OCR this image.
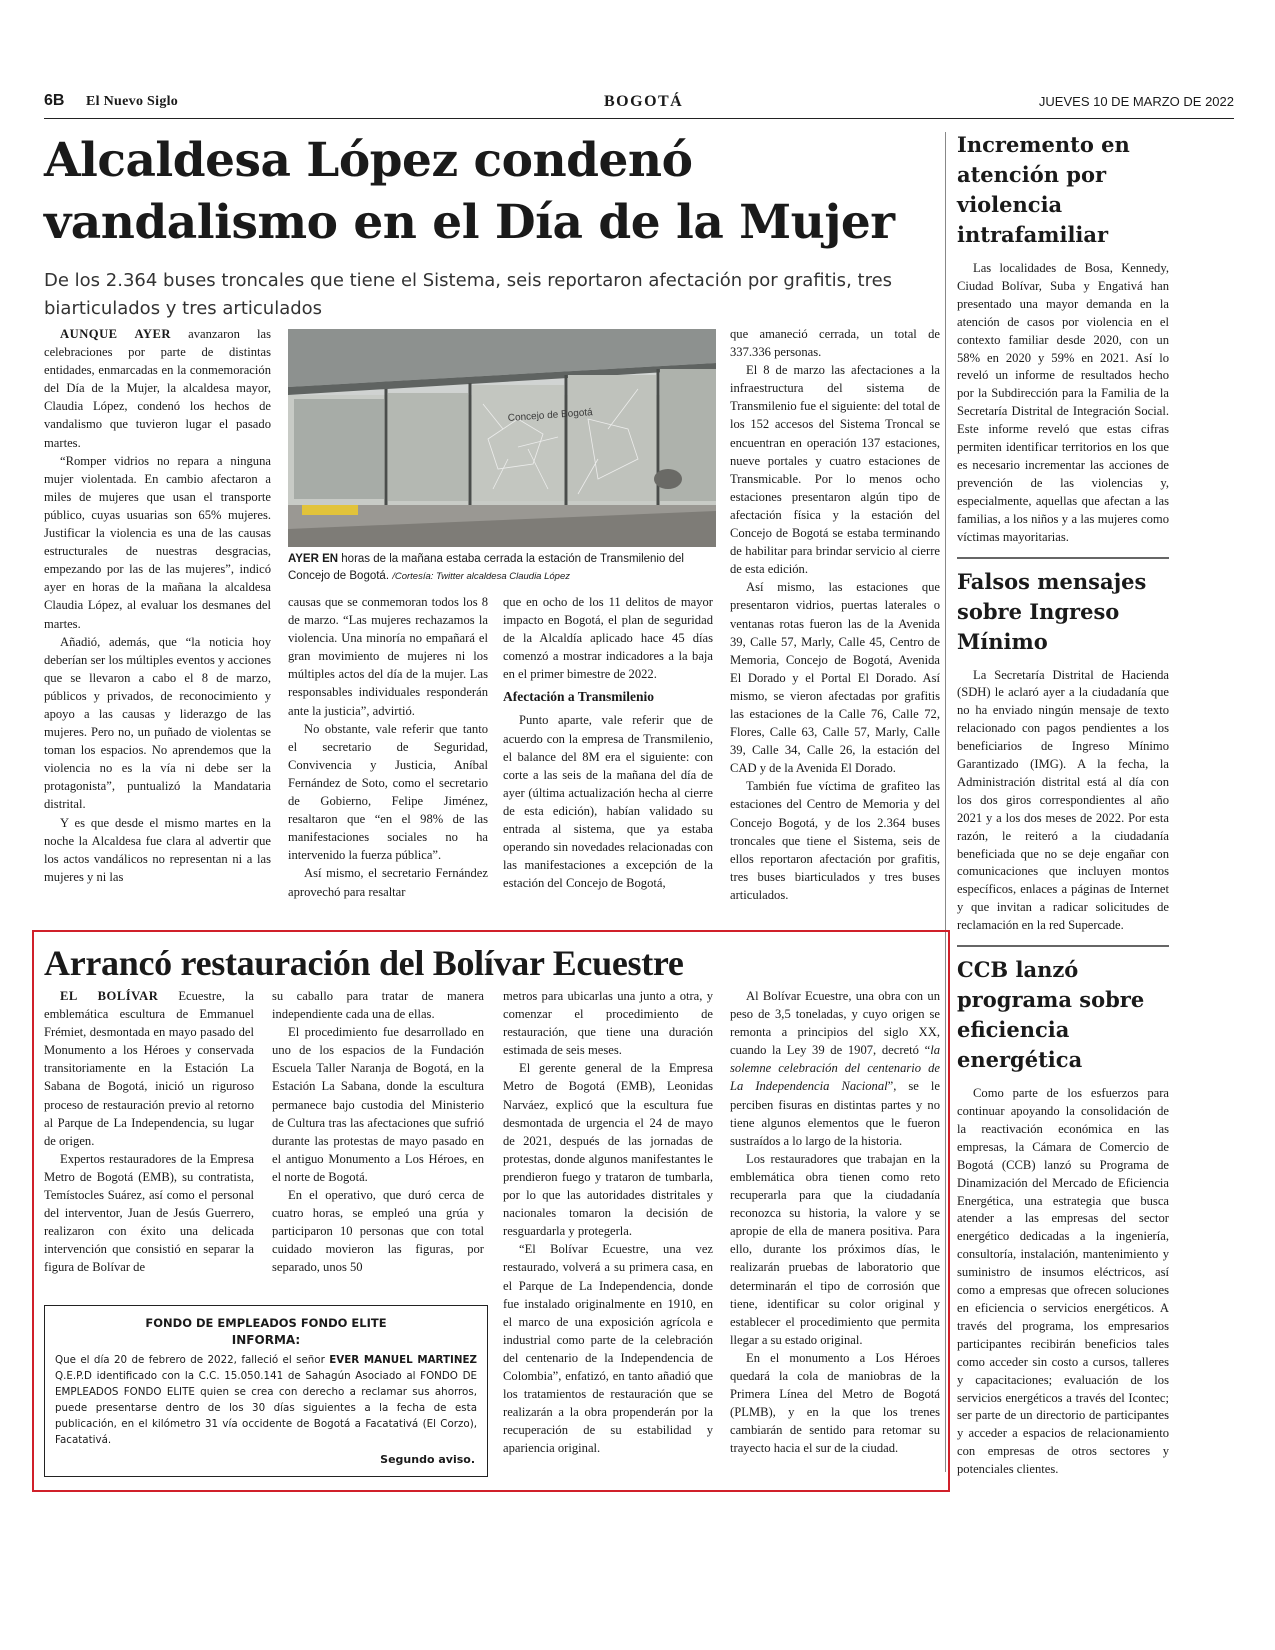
6B El Nuevo Siglo	BOGOTÁ	JUEVES 10 DE MARZO DE 2022
Alcaldesa López condenó vandalismo en el Día de la Mujer
De los 2.364 buses troncales que tiene el Sistema, seis reportaron afectación por grafitis, tres biarticulados y tres articulados

AUNQUE AYER avanzaron las celebraciones por parte de distintas entidades, enmarcadas en la conmemoración del Día de la Mujer, la alcaldesa mayor, Claudia López, condenó los hechos de vandalismo que tuvieron lugar el pasado martes.

“Romper vidrios no repara a ninguna mujer violentada. En cambio afectaron a miles de mujeres que usan el transporte público, cuyas usuarias son 65% mujeres. Justificar la violencia es una de las causas estructurales de nuestras desgracias, empezando por las de las mujeres”, indicó ayer en horas de la mañana la alcaldesa Claudia López, al evaluar los desmanes del martes.

Añadió, además, que “la noticia hoy deberían ser los múltiples eventos y acciones que se llevaron a cabo el 8 de marzo, públicos y privados, de reconocimiento y apoyo a las causas y liderazgo de las mujeres. Pero no, un puñado de violentas se toman los espacios. No aprendemos que la violencia no es la vía ni debe ser la protagonista”, puntualizó la Mandataria distrital.

Y es que desde el mismo martes en la noche la Alcaldesa fue clara al advertir que los actos vandálicos no representan ni a las mujeres y ni las

Concejo de Bogotá
AYER EN horas de la mañana estaba cerrada la estación de Transmilenio del Concejo de Bogotá. /Cortesía: Twitter alcaldesa Claudia López

causas que se conmemoran todos los 8 de marzo. “Las mujeres rechazamos la violencia. Una minoría no empañará el gran movimiento de mujeres ni los múltiples actos del día de la mujer. Las responsables individuales responderán ante la justicia”, advirtió.

No obstante, vale referir que tanto el secretario de Seguridad, Convivencia y Justicia, Aníbal Fernández de Soto, como el secretario de Gobierno, Felipe Jiménez, resaltaron que “en el 98% de las manifestaciones sociales no ha intervenido la fuerza pública”.

Así mismo, el secretario Fernández aprovechó para resaltar

que en ocho de los 11 delitos de mayor impacto en Bogotá, el plan de seguridad de la Alcaldía aplicado hace 45 días comenzó a mostrar indicadores a la baja en el primer bimestre de 2022.

Afectación a Transmilenio

Punto aparte, vale referir que de acuerdo con la empresa de Transmilenio, el balance del 8M era el siguiente: con corte a las seis de la mañana del día de ayer (última actualización hecha al cierre de esta edición), habían validado su entrada al sistema, que ya estaba operando sin novedades relacionadas con las manifestaciones a excepción de la estación del Concejo de Bogotá,

que amaneció cerrada, un total de 337.336 personas.

El 8 de marzo las afectaciones a la infraestructura del sistema de Transmilenio fue el siguiente: del total de los 152 accesos del Sistema Troncal se encuentran en operación 137 estaciones, nueve portales y cuatro estaciones de Transmicable. Por lo menos ocho estaciones presentaron algún tipo de afectación física y la estación del Concejo de Bogotá se estaba terminando de habilitar para brindar servicio al cierre de esta edición.

Así mismo, las estaciones que presentaron vidrios, puertas laterales o ventanas rotas fueron las de la Avenida 39, Calle 57, Marly, Calle 45, Centro de Memoria, Concejo de Bogotá, Avenida El Dorado y el Portal El Dorado. Así mismo, se vieron afectadas por grafitis las estaciones de la Calle 76, Calle 72, Flores, Calle 63, Calle 57, Marly, Calle 39, Calle 34, Calle 26, la estación del CAD y de la Avenida El Dorado.

También fue víctima de grafiteo las estaciones del Centro de Memoria y del Concejo Bogotá, y de los 2.364 buses troncales que tiene el Sistema, seis de ellos reportaron afectación por grafitis, tres buses biarticulados y tres buses articulados.

Incremento en atención por violencia intrafamiliar

Las localidades de Bosa, Kennedy, Ciudad Bolívar, Suba y Engativá han presentado una mayor demanda en la atención de casos por violencia en el contexto familiar desde 2020, con un 58% en 2020 y 59% en 2021. Así lo reveló un informe de resultados hecho por la Subdirección para la Familia de la Secretaría Distrital de Integración Social. Este informe reveló que estas cifras permiten identificar territorios en los que es necesario incrementar las acciones de prevención de las violencias y, especialmente, aquellas que afectan a las familias, a los niños y a las mujeres como víctimas mayoritarias.

Falsos mensajes sobre Ingreso Mínimo

La Secretaría Distrital de Hacienda (SDH) le aclaró ayer a la ciudadanía que no ha enviado ningún mensaje de texto relacionado con pagos pendientes a los beneficiarios de Ingreso Mínimo Garantizado (IMG). A la fecha, la Administración distrital está al día con los dos giros correspondientes al año 2021 y a los dos meses de 2022. Por esta razón, le reiteró a la ciudadanía beneficiada que no se deje engañar con comunicaciones que incluyen montos específicos, enlaces a páginas de Internet y que invitan a radicar solicitudes de reclamación en la red Supercade.

CCB lanzó programa sobre eficiencia energética

Como parte de los esfuerzos para continuar apoyando la consolidación de la reactivación económica en las empresas, la Cámara de Comercio de Bogotá (CCB) lanzó su Programa de Dinamización del Mercado de Eficiencia Energética, una estrategia que busca atender a las empresas del sector energético dedicadas a la ingeniería, consultoría, instalación, mantenimiento y suministro de insumos eléctricos, así como a empresas que ofrecen soluciones en eficiencia o servicios energéticos. A través del programa, los empresarios participantes recibirán beneficios tales como acceder sin costo a cursos, talleres y capacitaciones; evaluación de los servicios energéticos a través del Icontec; ser parte de un directorio de participantes y acceder a espacios de relacionamiento con empresas de otros sectores y potenciales clientes.

Arrancó restauración del Bolívar Ecuestre

EL BOLÍVAR Ecuestre, la emblemática escultura de Emmanuel Frémiet, desmontada en mayo pasado del Monumento a los Héroes y conservada transitoriamente en la Estación La Sabana de Bogotá, inició un riguroso proceso de restauración previo al retorno al Parque de La Independencia, su lugar de origen.

Expertos restauradores de la Empresa Metro de Bogotá (EMB), su contratista, Temístocles Suárez, así como el personal del interventor, Juan de Jesús Guerrero, realizaron con éxito una delicada intervención que consistió en separar la figura de Bolívar de

su caballo para tratar de manera independiente cada una de ellas.

El procedimiento fue desarrollado en uno de los espacios de la Fundación Escuela Taller Naranja de Bogotá, en la Estación La Sabana, donde la escultura permanece bajo custodia del Ministerio de Cultura tras las afectaciones que sufrió durante las protestas de mayo pasado en el antiguo Monumento a Los Héroes, en el norte de Bogotá.

En el operativo, que duró cerca de cuatro horas, se empleó una grúa y participaron 10 personas que con total cuidado movieron las figuras, por separado, unos 50

metros para ubicarlas una junto a otra, y comenzar el procedimiento de restauración, que tiene una duración estimada de seis meses.

El gerente general de la Empresa Metro de Bogotá (EMB), Leonidas Narváez, explicó que la escultura fue desmontada de urgencia el 24 de mayo de 2021, después de las jornadas de protestas, donde algunos manifestantes le prendieron fuego y trataron de tumbarla, por lo que las autoridades distritales y nacionales tomaron la decisión de resguardarla y protegerla.

“El Bolívar Ecuestre, una vez restaurado, volverá a su primera casa, en el Parque de La Independencia, donde fue instalado originalmente en 1910, en el marco de una exposición agrícola e industrial como parte de la celebración del centenario de la Independencia de Colombia”, enfatizó, en tanto añadió que los tratamientos de restauración que se realizarán a la obra propenderán por la recuperación de su estabilidad y apariencia original.

Al Bolívar Ecuestre, una obra con un peso de 3,5 toneladas, y cuyo origen se remonta a principios del siglo XX, cuando la Ley 39 de 1907, decretó “la solemne celebración del centenario de La Independencia Nacional”, se le perciben fisuras en distintas partes y no tiene algunos elementos que le fueron sustraídos a lo largo de la historia.

Los restauradores que trabajan en la emblemática obra tienen como reto recuperarla para que la ciudadanía reconozca su historia, la valore y se apropie de ella de manera positiva. Para ello, durante los próximos días, le realizarán pruebas de laboratorio que determinarán el tipo de corrosión que tiene, identificar su color original y establecer el procedimiento que permita llegar a su estado original.

En el monumento a Los Héroes quedará la cola de maniobras de la Primera Línea del Metro de Bogotá (PLMB), y en la que los trenes cambiarán de sentido para retomar su trayecto hacia el sur de la ciudad.

FONDO DE EMPLEADOS FONDO ELITE
INFORMA:
Que el día 20 de febrero de 2022, falleció el señor EVER MANUEL MARTINEZ Q.E.P.D identificado con la C.C. 15.050.141 de Sahagún Asociado al FONDO DE EMPLEADOS FONDO ELITE quien se crea con derecho a reclamar sus ahorros, puede presentarse dentro de los 30 días siguientes a la fecha de esta publicación, en el kilómetro 31 vía occidente de Bogotá a Facatativá (El Corzo), Facatativá.
Segundo aviso.
